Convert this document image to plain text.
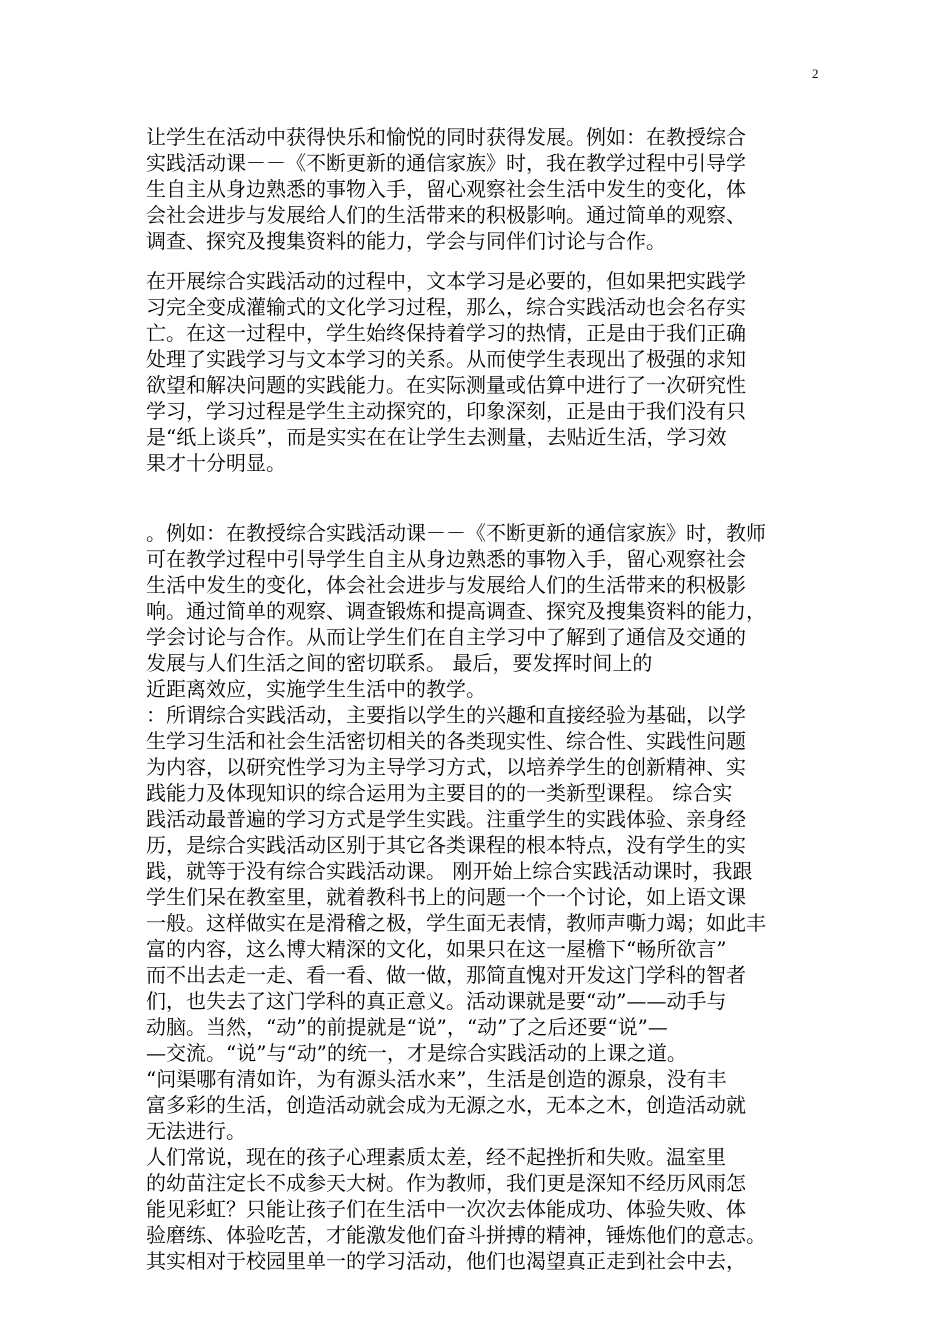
2
让学生在活动中获得快乐和愉悦的同时获得发展。例如：在教授综合
实践活动课－－《不断更新的通信家族》时，我在教学过程中引导学
生自主从身边熟悉的事物入手，留心观察社会生活中发生的变化，体
会社会进步与发展给人们的生活带来的积极影响。通过简单的观察、
调查、探究及搜集资料的能力，学会与同伴们讨论与合作。
在开展综合实践活动的过程中，文本学习是必要的，但如果把实践学
习完全变成灌输式的文化学习过程，那么，综合实践活动也会名存实
亡。在这一过程中，学生始终保持着学习的热情，正是由于我们正确
处理了实践学习与文本学习的关系。从而使学生表现出了极强的求知
欲望和解决问题的实践能力。在实际测量或估算中进行了一次研究性
学习，学习过程是学生主动探究的，印象深刻，正是由于我们没有只
是“纸上谈兵”，而是实实在在让学生去测量，去贴近生活，学习效
果才十分明显。
。例如：在教授综合实践活动课－－《不断更新的通信家族》时，教师
可在教学过程中引导学生自主从身边熟悉的事物入手，留心观察社会
生活中发生的变化，体会社会进步与发展给人们的生活带来的积极影
响。通过简单的观察、调查锻炼和提高调查、探究及搜集资料的能力，
学会讨论与合作。从而让学生们在自主学习中了解到了通信及交通的
发展与人们生活之间的密切联系。 最后，要发挥时间上的
近距离效应，实施学生生活中的教学。
：所谓综合实践活动，主要指以学生的兴趣和直接经验为基础，以学
生学习生活和社会生活密切相关的各类现实性、综合性、实践性问题
为内容，以研究性学习为主导学习方式，以培养学生的创新精神、实
践能力及体现知识的综合运用为主要目的的一类新型课程。 综合实
践活动最普遍的学习方式是学生实践。注重学生的实践体验、亲身经
历，是综合实践活动区别于其它各类课程的根本特点，没有学生的实
践，就等于没有综合实践活动课。 刚开始上综合实践活动课时，我跟
学生们呆在教室里，就着教科书上的问题一个一个讨论，如上语文课
一般。这样做实在是滑稽之极，学生面无表情，教师声嘶力竭；如此丰
富的内容，这么博大精深的文化，如果只在这一屋檐下“畅所欲言”
而不出去走一走、看一看、做一做，那简直愧对开发这门学科的智者
们，也失去了这门学科的真正意义。活动课就是要“动”——动手与
动脑。当然，“动”的前提就是“说”，“动”了之后还要“说”—
—交流。“说”与“动”的统一，才是综合实践活动的上课之道。
“问渠哪有清如许，为有源头活水来”，生活是创造的源泉，没有丰
富多彩的生活，创造活动就会成为无源之水，无本之木，创造活动就
无法进行。
人们常说，现在的孩子心理素质太差，经不起挫折和失败。温室里
的幼苗注定长不成参天大树。作为教师，我们更是深知不经历风雨怎
能见彩虹？只能让孩子们在生活中一次次去体能成功、体验失败、体
验磨练、体验吃苦，才能激发他们奋斗拼搏的精神，锤炼他们的意志。
其实相对于校园里单一的学习活动，他们也渴望真正走到社会中去，
